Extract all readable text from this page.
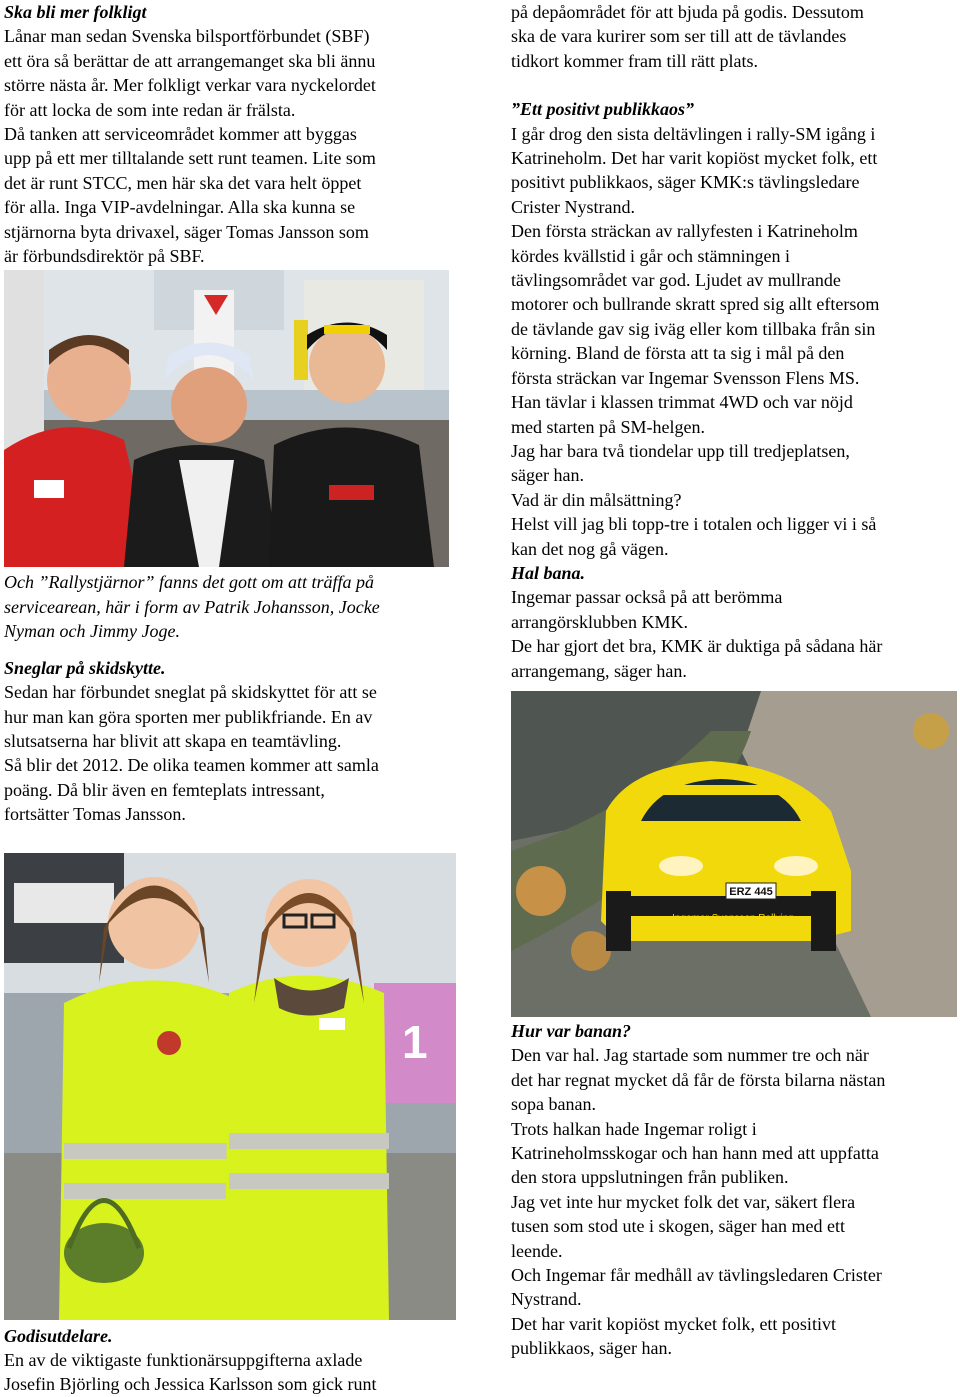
Ska bli mer folkligt

Lånar man sedan Svenska bilsportförbundet (SBF)

ett öra så berättar de att arrangemanget ska bli ännu

större nästa år. Mer folkligt verkar vara nyckelordet

för att locka de som inte redan är frälsta.

Då tanken att serviceområdet kommer att byggas

upp på ett mer tilltalande sett runt teamen. Lite som

det är runt STCC, men här ska det vara helt öppet

för alla. Inga VIP-avdelningar. Alla ska kunna se

stjärnorna byta drivaxel, säger Tomas Jansson som

är förbundsdirektör på SBF.

Och ”Rallystjärnor” fanns det gott om att träffa på

servicearean, här i form av Patrik Johansson, Jocke

Nyman och Jimmy Joge.

Sneglar på skidskytte.

Sedan har förbundet sneglat på skidskyttet för att se

hur man kan göra sporten mer publikfriande. En av

slutsatserna har blivit att skapa en teamtävling.

Så blir det 2012. De olika teamen kommer att samla

poäng. Då blir även en femteplats intressant,

fortsätter Tomas Jansson.

1
Godisutdelare.

En av de viktigaste funktionärsuppgifterna axlade

Josefin Björling och Jessica Karlsson som gick runt

på depåområdet för att bjuda på godis. Dessutom

ska de vara kurirer som ser till att de tävlandes

tidkort kommer fram till rätt plats.

”Ett positivt publikkaos”

I går drog den sista deltävlingen i rally-SM igång i

Katrineholm. Det har varit kopiöst mycket folk, ett

positivt publikkaos, säger KMK:s tävlingsledare

Crister Nystrand.

Den första sträckan av rallyfesten i Katrineholm

kördes kvällstid i går och stämningen i

tävlingsområdet var god. Ljudet av mullrande

motorer och bullrande skratt spred sig allt eftersom

de tävlande gav sig iväg eller kom tillbaka från sin

körning. Bland de första att ta sig i mål på den

första sträckan var Ingemar Svensson Flens MS.

Han tävlar i klassen trimmat 4WD och var nöjd

med starten på SM-helgen.

Jag har bara två tiondelar upp till tredjeplatsen,

säger han.

Vad är din målsättning?

Helst vill jag bli topp-tre i totalen och ligger vi i så

kan det nog gå vägen.

Hal bana.

Ingemar passar också på att berömma

arrangörsklubben KMK.

De har gjort det bra, KMK är duktiga på sådana här

arrangemang, säger han.

ERZ 445
Ingemar Svensson Rallying
Hur var banan?

Den var hal. Jag startade som nummer tre och när

det har regnat mycket då får de första bilarna nästan

sopa banan.

Trots halkan hade Ingemar roligt i

Katrineholmsskogar och han hann med att uppfatta

den stora uppslutningen från publiken.

Jag vet inte hur mycket folk det var, säkert flera

tusen som stod ute i skogen, säger han med ett

leende.

Och Ingemar får medhåll av tävlingsledaren Crister

Nystrand.

Det har varit kopiöst mycket folk, ett positivt

publikkaos, säger han.
